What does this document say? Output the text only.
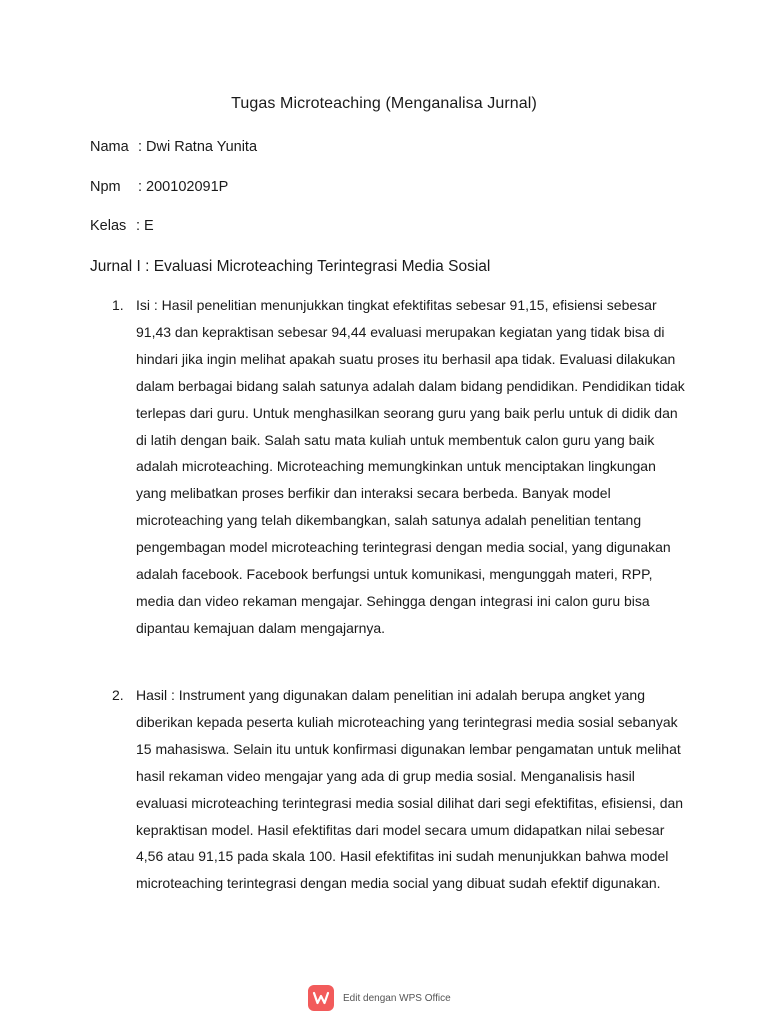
Tugas Microteaching (Menganalisa Jurnal)
Nama : Dwi Ratna Yunita
Npm : 200102091P
Kelas : E
Jurnal I : Evaluasi Microteaching Terintegrasi Media Sosial
1. Isi : Hasil penelitian menunjukkan tingkat efektifitas sebesar 91,15, efisiensi sebesar 91,43 dan kepraktisan sebesar 94,44 evaluasi merupakan kegiatan yang tidak bisa di hindari jika ingin melihat apakah suatu proses itu berhasil apa tidak. Evaluasi dilakukan dalam berbagai bidang salah satunya adalah dalam bidang pendidikan. Pendidikan tidak terlepas dari guru. Untuk menghasilkan seorang guru yang baik perlu untuk di didik dan di latih dengan baik. Salah satu mata kuliah untuk membentuk calon guru yang baik adalah microteaching. Microteaching memungkinkan untuk menciptakan lingkungan yang melibatkan proses berfikir dan interaksi secara berbeda. Banyak model microteaching yang telah dikembangkan, salah satunya adalah penelitian tentang pengembagan model microteaching terintegrasi dengan media social, yang digunakan adalah facebook. Facebook berfungsi untuk komunikasi, mengunggah materi, RPP, media dan video rekaman mengajar. Sehingga dengan integrasi ini calon guru bisa dipantau kemajuan dalam mengajarnya.
2. Hasil : Instrument yang digunakan dalam penelitian ini adalah berupa angket yang diberikan kepada peserta kuliah microteaching yang terintegrasi media sosial sebanyak 15 mahasiswa. Selain itu untuk konfirmasi digunakan lembar pengamatan untuk melihat hasil rekaman video mengajar yang ada di grup media sosial. Menganalisis hasil evaluasi microteaching terintegrasi media sosial dilihat dari segi efektifitas, efisiensi, dan kepraktisan model. Hasil efektifitas dari model secara umum didapatkan nilai sebesar 4,56 atau 91,15 pada skala 100. Hasil efektifitas ini sudah menunjukkan bahwa model microteaching terintegrasi dengan media social yang dibuat sudah efektif digunakan.
Edit dengan WPS Office
